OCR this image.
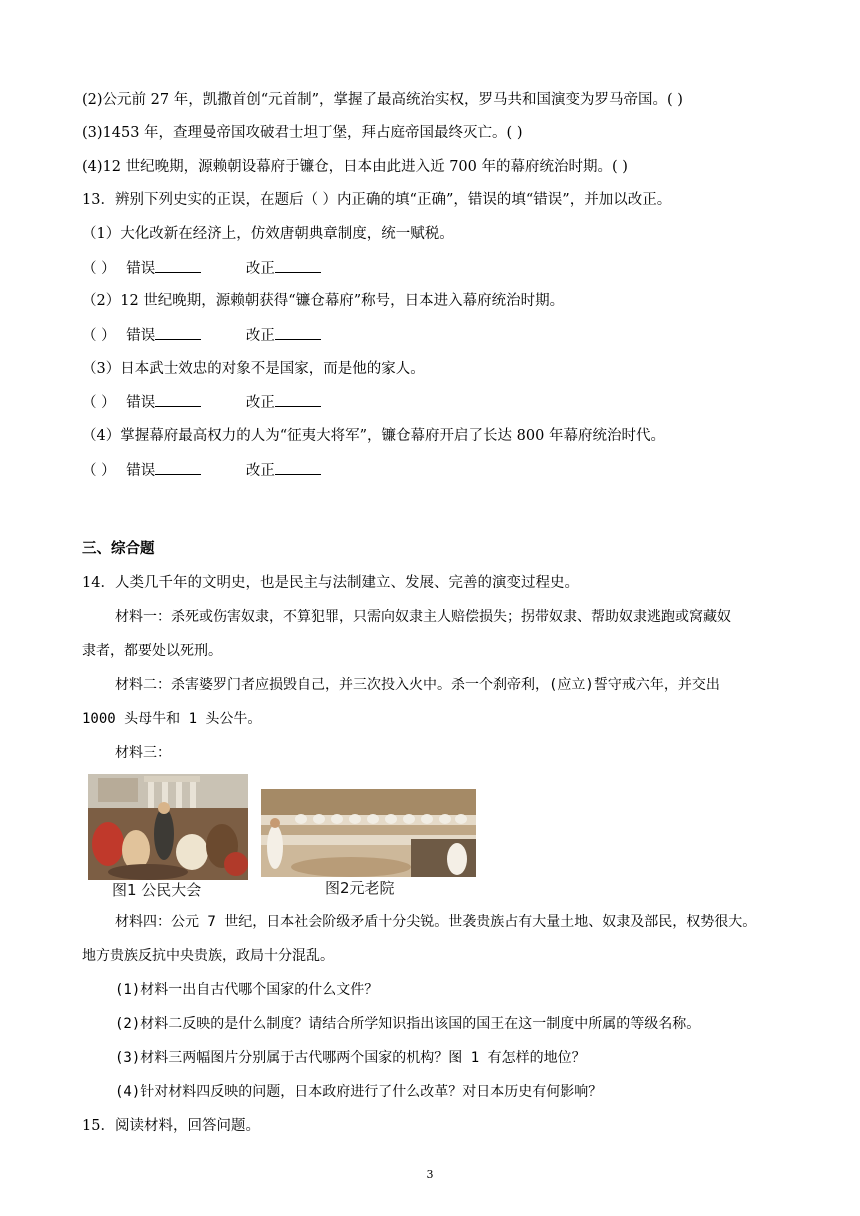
(2)公元前 27 年，凯撒首创“元首制”，掌握了最高统治实权，罗马共和国演变为罗马帝国。( )
(3)1453 年，查理曼帝国攻破君士坦丁堡，拜占庭帝国最终灭亡。( )
(4)12 世纪晚期，源赖朝设幕府于镰仓，日本由此进入近 700 年的幕府统治时期。( )
13．辨别下列史实的正误，在题后（ ）内正确的填“正确”，错误的填“错误”，并加以改正。
（1）大化改新在经济上，仿效唐朝典章制度，统一赋税。
（ ） 错误	改正
（2）12 世纪晚期，源赖朝获得“镰仓幕府”称号，日本进入幕府统治时期。
（ ） 错误	改正
（3）日本武士效忠的对象不是国家，而是他的家人。
（ ） 错误	改正
（4）掌握幕府最高权力的人为“征夷大将军”，镰仓幕府开启了长达 800 年幕府统治时代。
（ ） 错误	改正
三、综合题
14．人类几千年的文明史，也是民主与法制建立、发展、完善的演变过程史。
材料一：杀死或伤害奴隶，不算犯罪，只需向奴隶主人赔偿损失；拐带奴隶、帮助奴隶逃跑或窝藏奴
隶者，都要处以死刑。
材料二：杀害婆罗门者应损毁自己，并三次投入火中。杀一个刹帝利，(应立)誓守戒六年，并交出
1000 头母牛和 1 头公牛。
材料三：
图1 公民大会	图2元老院
材料四：公元 7 世纪，日本社会阶级矛盾十分尖锐。世袭贵族占有大量土地、奴隶及部民，权势很大。
地方贵族反抗中央贵族，政局十分混乱。
(1)材料一出自古代哪个国家的什么文件？
(2)材料二反映的是什么制度？请结合所学知识指出该国的国王在这一制度中所属的等级名称。
(3)材料三两幅图片分别属于古代哪两个国家的机构？图 1 有怎样的地位？
(4)针对材料四反映的问题，日本政府进行了什么改革？对日本历史有何影响？
15．阅读材料，回答问题。
3
